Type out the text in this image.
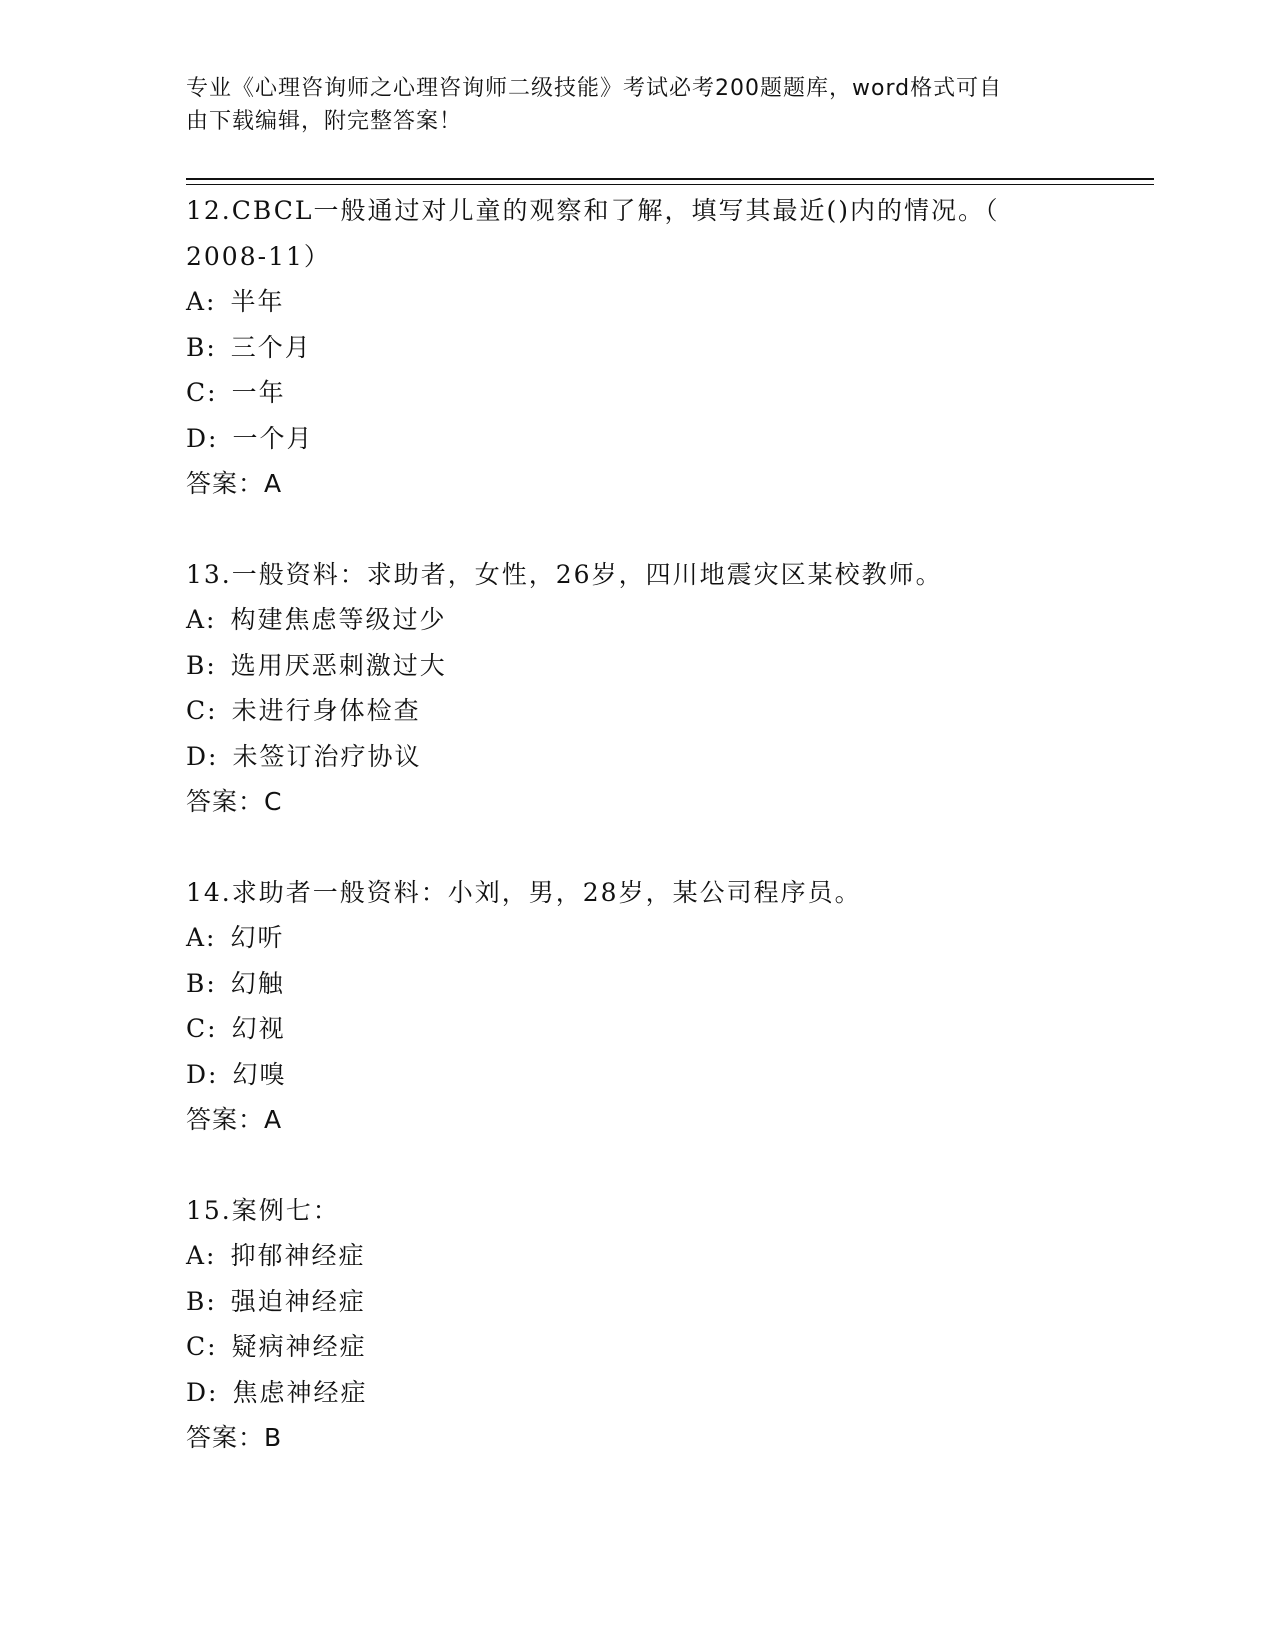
专业《心理咨询师之心理咨询师二级技能》考试必考200题题库，word格式可自
由下载编辑，附完整答案！

12.CBCL一般通过对儿童的观察和了解，填写其最近()内的情况。（

2008-11）

A: 半年

B: 三个月

C: 一年

D: 一个月

答案：A

13.一般资料：求助者，女性，26岁，四川地震灾区某校教师。

A: 构建焦虑等级过少

B: 选用厌恶刺激过大

C: 未进行身体检查

D: 未签订治疗协议

答案：C

14.求助者一般资料：小刘，男，28岁，某公司程序员。

A: 幻听

B: 幻触

C: 幻视

D: 幻嗅

答案：A

15.案例七：

A: 抑郁神经症

B: 强迫神经症

C: 疑病神经症

D: 焦虑神经症

答案：B
